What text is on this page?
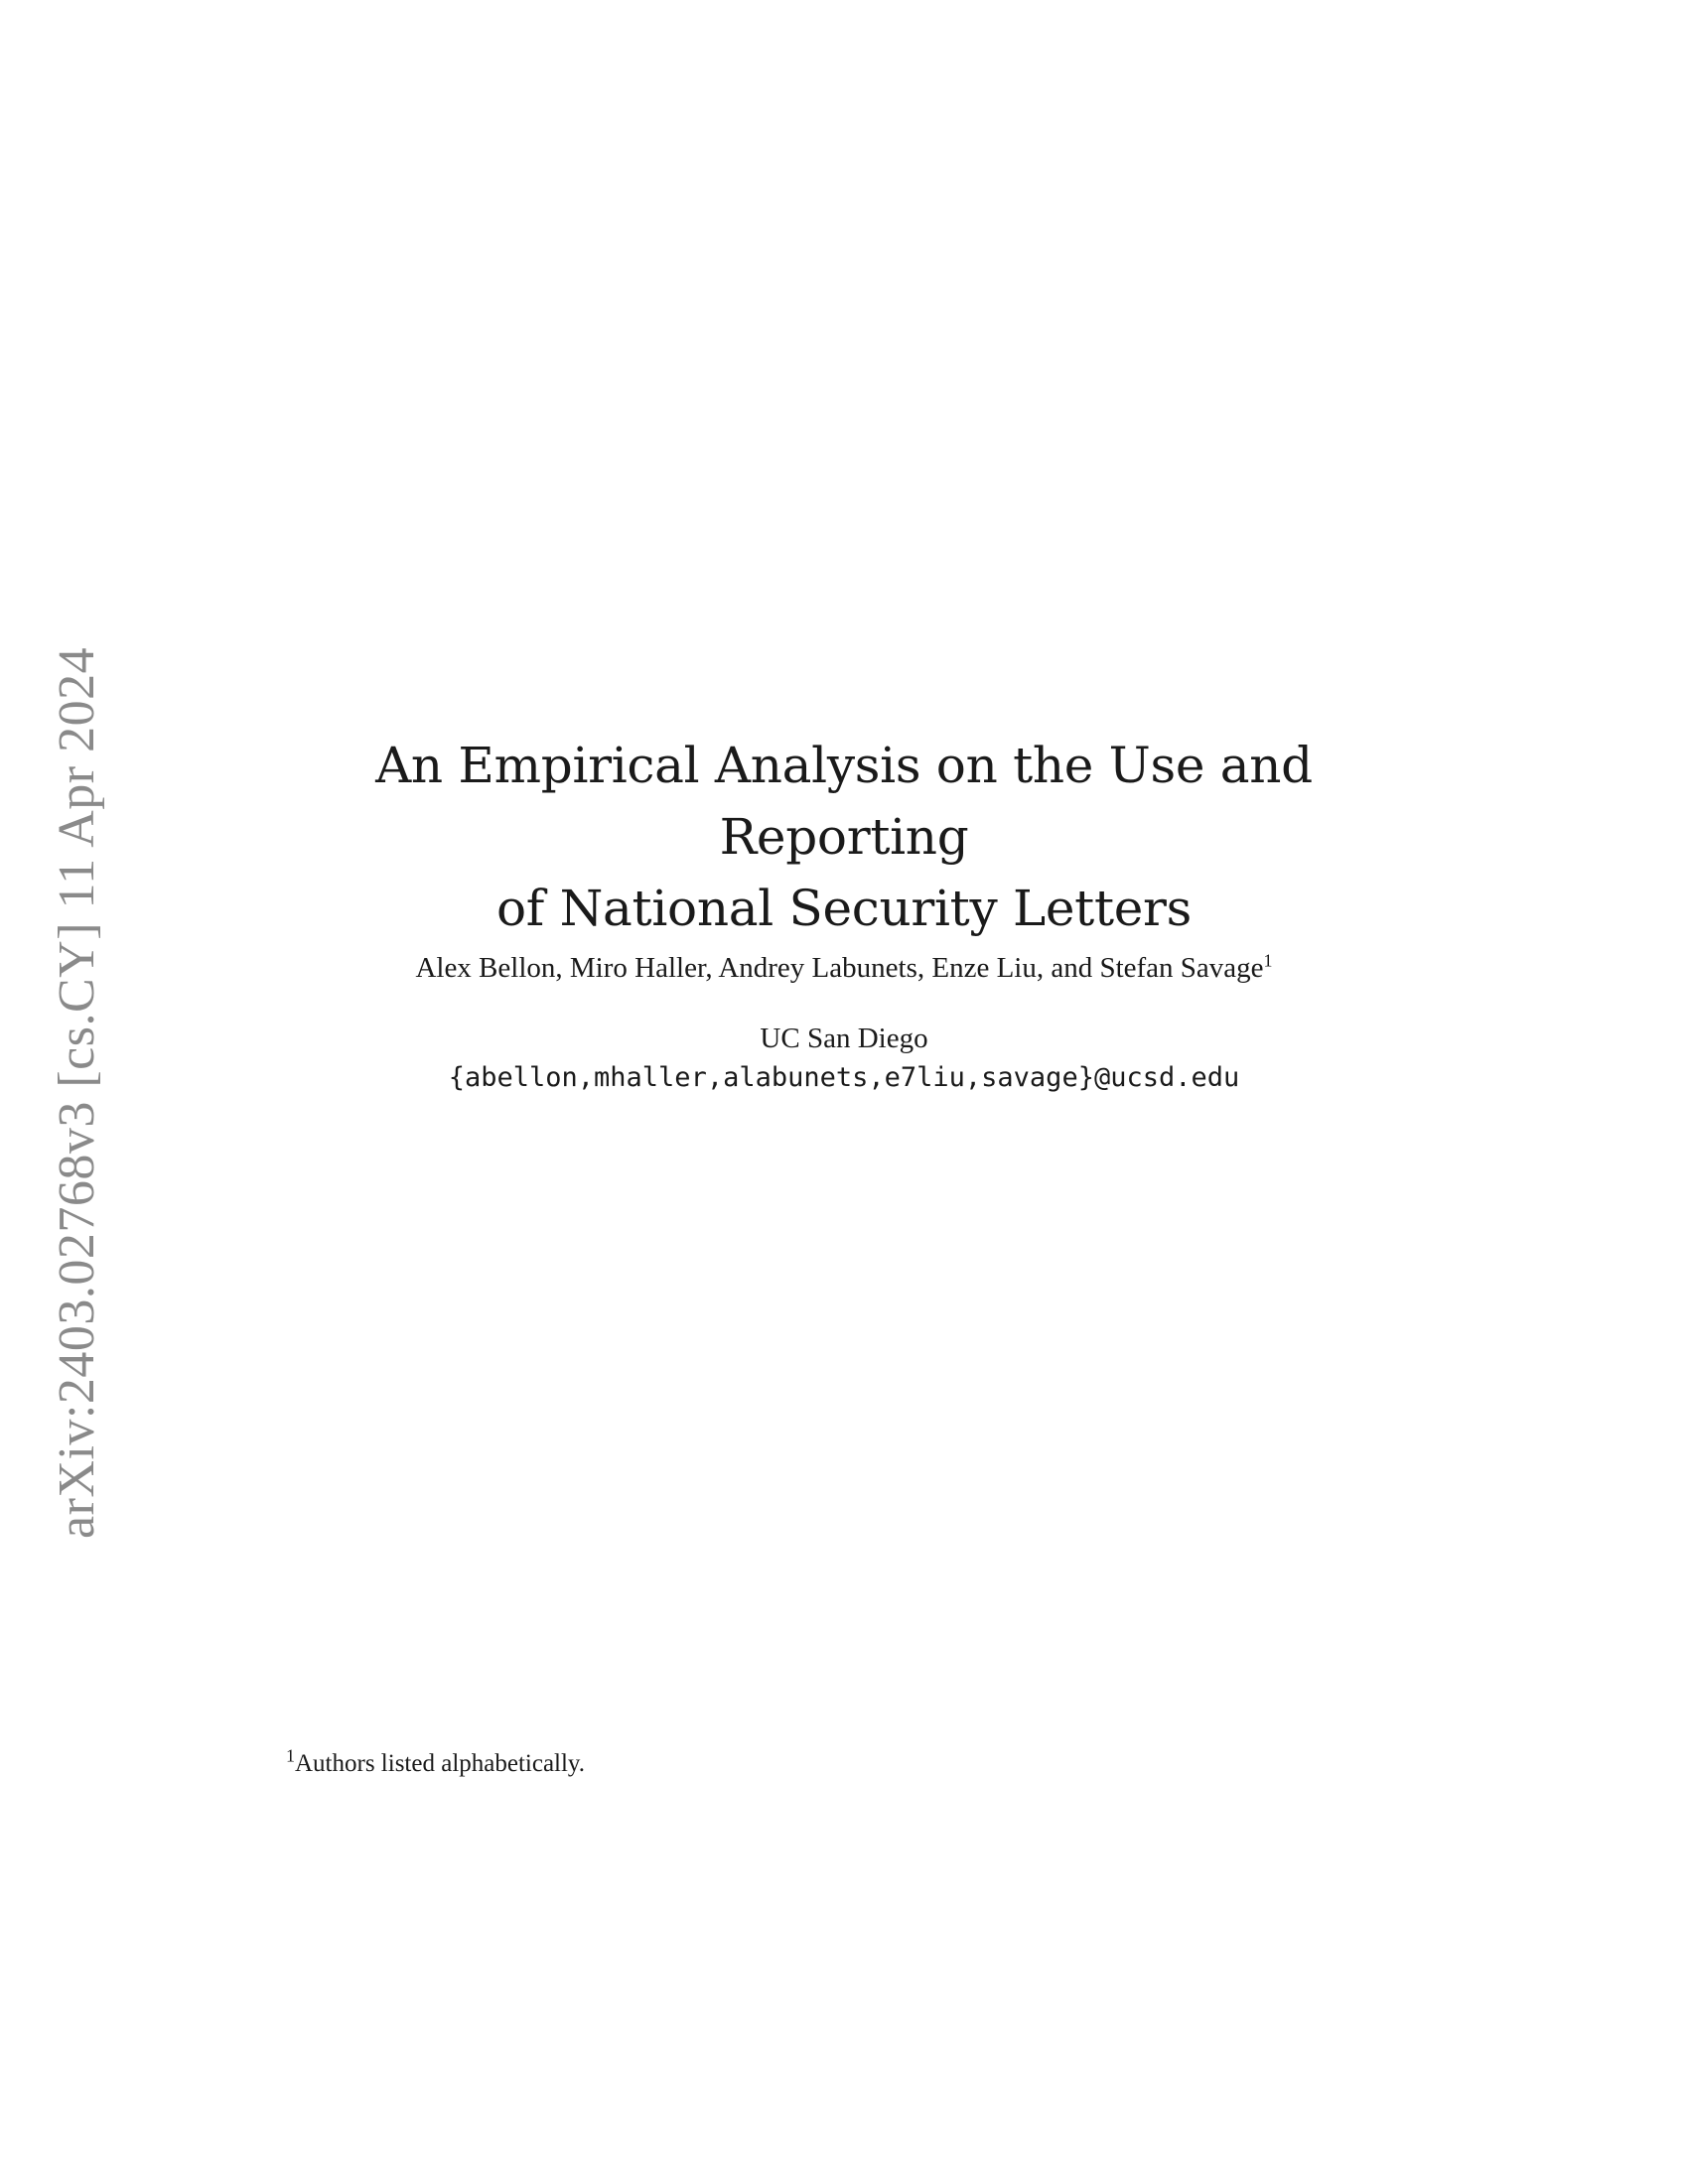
arXiv:2403.02768v3 [cs.CY] 11 Apr 2024	An Empirical Analysis on the Use and Reporting
of National Security Letters
Alex Bellon, Miro Haller, Andrey Labunets, Enze Liu, and Stefan Savage$^1$
UC San Diego
{abellon,mhaller,alabunets,e7liu,savage}@ucsd.edu
$^1$Authors listed alphabetically.
